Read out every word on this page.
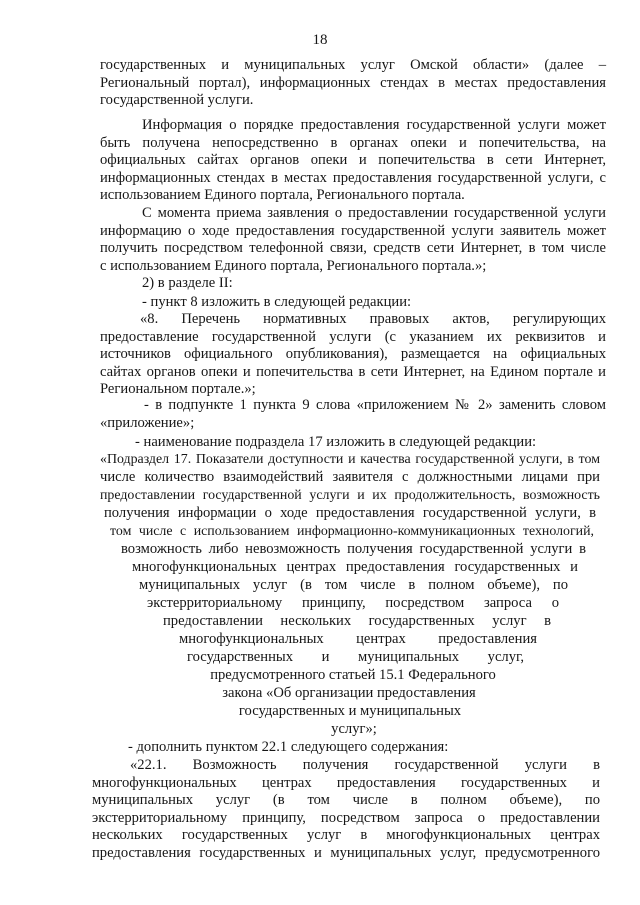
18
государственных и муниципальных услуг Омской области» (далее –
Региональный портал), информационных стендах в местах предоставления
государственной услуги.
Информация о порядке предоставления государственной услуги может
быть получена непосредственно в органах опеки и попечительства, на
официальных сайтах органов опеки и попечительства в сети Интернет,
информационных стендах в местах предоставления государственной услуги, с
использованием Единого портала, Регионального портала.
С момента приема заявления о предоставлении государственной услуги
информацию о ходе предоставления государственной услуги заявитель может
получить посредством телефонной связи, средств сети Интернет, в том числе
с использованием Единого портала, Регионального портала.»;
2) в разделе II:
- пункт 8 изложить в следующей редакции:
«8. Перечень нормативных правовых актов, регулирующих
предоставление государственной услуги (с указанием их реквизитов и
источников официального опубликования), размещается на официальных
сайтах органов опеки и попечительства в сети Интернет, на Едином портале и
Региональном портале.»;
- в подпункте 1 пункта 9 слова «приложением № 2» заменить словом
«приложение»;
- наименование подраздела 17 изложить в следующей редакции:
«Подраздел 17. Показатели доступности и качества государственной услуги, в том
числе количество взаимодействий заявителя с должностными лицами при
предоставлении государственной услуги и их продолжительность, возможность
получения информации о ходе предоставления государственной услуги, в
том числе с использованием информационно-коммуникационных технологий,
возможность либо невозможность получения государственной услуги в
многофункциональных центрах предоставления государственных и
муниципальных услуг (в том числе в полном объеме), по
экстерриториальному принципу, посредством запроса о
предоставлении нескольких государственных услуг в
многофункциональных центрах предоставления
государственных и муниципальных услуг,
предусмотренного статьей 15.1 Федерального
закона «Об организации предоставления
государственных и муниципальных
услуг»;
- дополнить пунктом 22.1 следующего содержания:
«22.1. Возможность получения государственной услуги в
многофункциональных центрах предоставления государственных и
муниципальных услуг (в том числе в полном объеме), по
экстерриториальному принципу, посредством запроса о предоставлении
нескольких государственных услуг в многофункциональных центрах
предоставления государственных и муниципальных услуг, предусмотренного
